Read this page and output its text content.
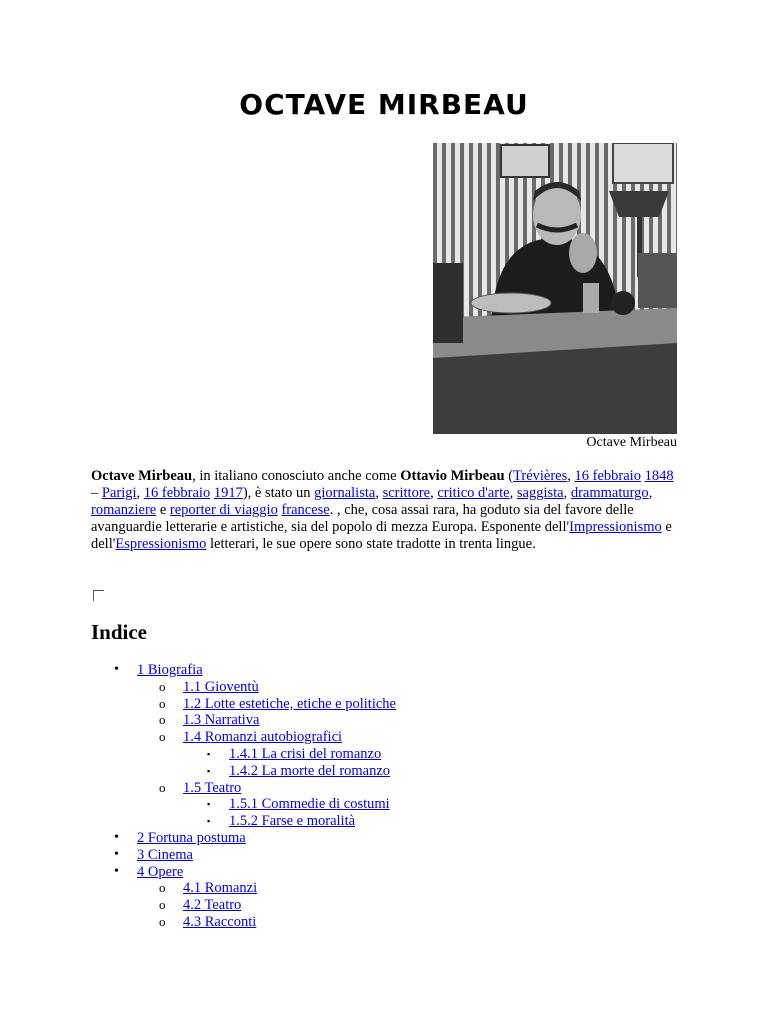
OCTAVE MIRBEAU
Octave Mirbeau

Octave Mirbeau, in italiano conosciuto anche come Ottavio Mirbeau (Trévières, 16 febbraio 1848 – Parigi, 16 febbraio 1917), è stato un giornalista, scrittore, critico d'arte, saggista, drammaturgo, romanziere e reporter di viaggio francese. , che, cosa assai rara, ha goduto sia del favore delle avanguardie letterarie e artistiche, sia del popolo di mezza Europa. Esponente dell'Impressionismo e dell'Espressionismo letterari, le sue opere sono state tradotte in trenta lingue.

Indice
• 1 Biografia
o 1.1 Gioventù
o 1.2 Lotte estetiche, etiche e politiche
o 1.3 Narrativa
o 1.4 Romanzi autobiografici
▪ 1.4.1 La crisi del romanzo
▪ 1.4.2 La morte del romanzo
o 1.5 Teatro
▪ 1.5.1 Commedie di costumi
▪ 1.5.2 Farse e moralità
• 2 Fortuna postuma
• 3 Cinema
• 4 Opere
o 4.1 Romanzi
o 4.2 Teatro
o 4.3 Racconti
